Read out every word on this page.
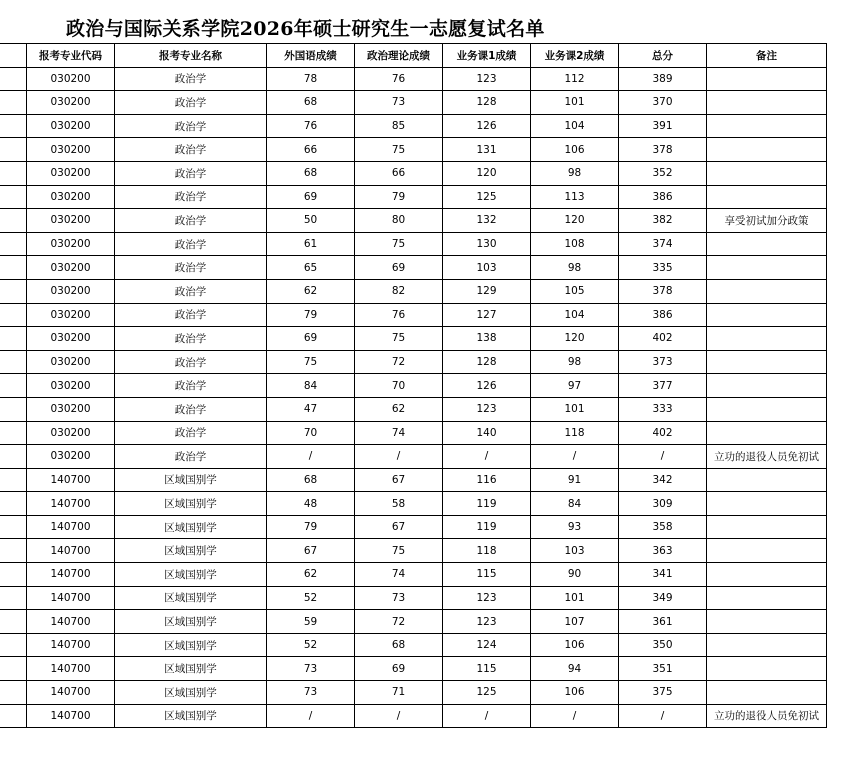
政治与国际关系学院2026年硕士研究生一志愿复试名单
	报考专业代码	报考专业名称	外国语成绩	政治理论成绩	业务课1成绩	业务课2成绩	总分	备注
	030200	政治学	78	76	123	112	389	
	030200	政治学	68	73	128	101	370	
	030200	政治学	76	85	126	104	391	
	030200	政治学	66	75	131	106	378	
	030200	政治学	68	66	120	98	352	
	030200	政治学	69	79	125	113	386	
	030200	政治学	50	80	132	120	382	享受初试加分政策
	030200	政治学	61	75	130	108	374	
	030200	政治学	65	69	103	98	335	
	030200	政治学	62	82	129	105	378	
	030200	政治学	79	76	127	104	386	
	030200	政治学	69	75	138	120	402	
	030200	政治学	75	72	128	98	373	
	030200	政治学	84	70	126	97	377	
	030200	政治学	47	62	123	101	333	
	030200	政治学	70	74	140	118	402	
	030200	政治学	/	/	/	/	/	立功的退役人员免初试
	140700	区域国别学	68	67	116	91	342	
	140700	区域国别学	48	58	119	84	309	
	140700	区域国别学	79	67	119	93	358	
	140700	区域国别学	67	75	118	103	363	
	140700	区域国别学	62	74	115	90	341	
	140700	区域国别学	52	73	123	101	349	
	140700	区域国别学	59	72	123	107	361	
	140700	区域国别学	52	68	124	106	350	
	140700	区域国别学	73	69	115	94	351	
	140700	区域国别学	73	71	125	106	375	
	140700	区域国别学	/	/	/	/	/	立功的退役人员免初试
